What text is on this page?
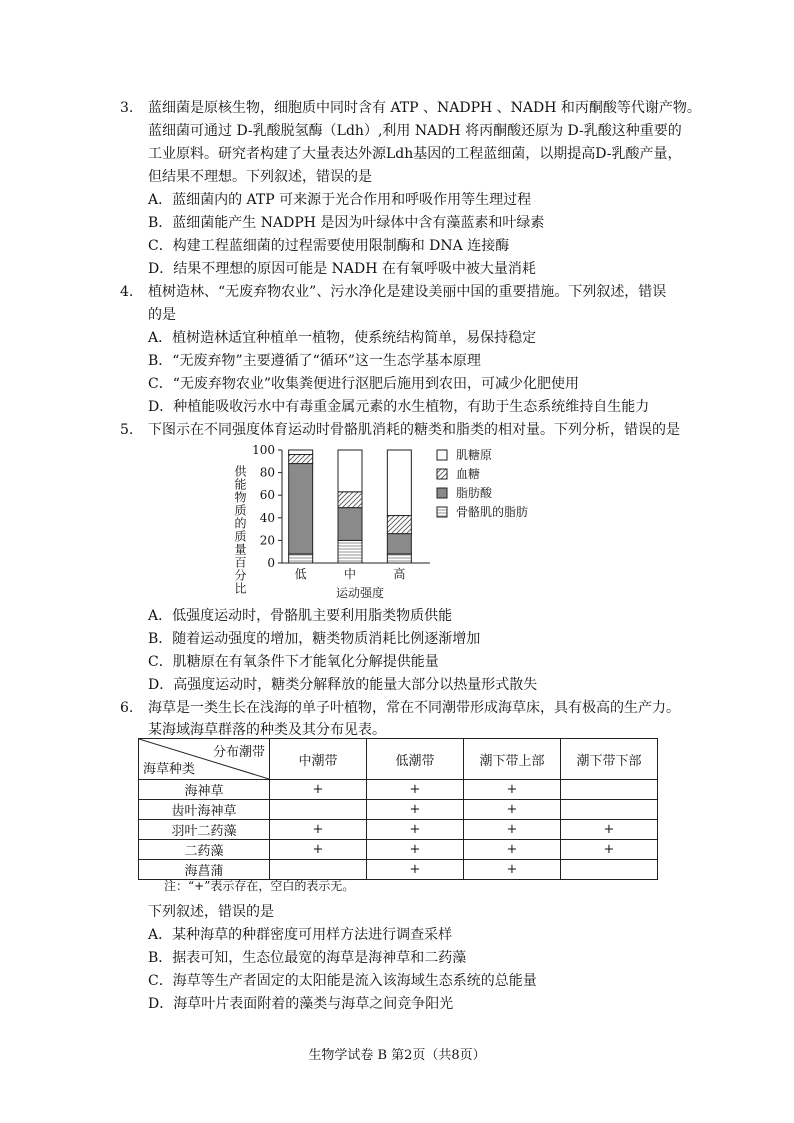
3. 蓝细菌是原核生物，细胞质中同时含有 ATP 、NADPH 、NADH 和丙酮酸等代谢产物。
蓝细菌可通过 D-乳酸脱氢酶（Ldh）,利用 NADH 将丙酮酸还原为 D-乳酸这种重要的
工业原料。研究者构建了大量表达外源Ldh基因的工程蓝细菌，以期提高D-乳酸产量，
但结果不理想。下列叙述，错误的是
A．蓝细菌内的 ATP 可来源于光合作用和呼吸作用等生理过程
B．蓝细菌能产生 NADPH 是因为叶绿体中含有藻蓝素和叶绿素
C．构建工程蓝细菌的过程需要使用限制酶和 DNA 连接酶
D．结果不理想的原因可能是 NADH 在有氧呼吸中被大量消耗
4. 植树造林、“无废弃物农业”、污水净化是建设美丽中国的重要措施。下列叙述，错误
的是
A．植树造林适宜种植单一植物，使系统结构简单，易保持稳定
B．“无废弃物”主要遵循了“循环”这一生态学基本原理
C．“无废弃物农业”收集粪便进行沤肥后施用到农田，可减少化肥使用
D．种植能吸收污水中有毒重金属元素的水生植物，有助于生态系统维持自生能力
5. 下图示在不同强度体育运动时骨骼肌消耗的糖类和脂类的相对量。下列分析，错误的是
供能物质的质量百分比 0
20
40
60
80
100
低	中	高
运动强度
肌糖原
血糖
脂肪酸
骨骼肌的脂肪
A．低强度运动时，骨骼肌主要利用脂类物质供能
B．随着运动强度的增加，糖类物质消耗比例逐渐增加
C．肌糖原在有氧条件下才能氧化分解提供能量
D．高强度运动时，糖类分解释放的能量大部分以热量形式散失
6. 海草是一类生长在浅海的单子叶植物，常在不同潮带形成海草床，具有极高的生产力。
某海域海草群落的种类及其分布见表。
分布潮带
海草种类	中潮带	低潮带	潮下带上部	潮下带下部
海神草	+	+	+	
齿叶海神草		+	+	
羽叶二药藻	+	+	+	+
二药藻	+	+	+	+
海菖蒲		+	+	
注：“+”表示存在，空白的表示无。
下列叙述，错误的是
A．某种海草的种群密度可用样方法进行调查采样
B．据表可知，生态位最宽的海草是海神草和二药藻
C．海草等生产者固定的太阳能是流入该海域生态系统的总能量
D．海草叶片表面附着的藻类与海草之间竞争阳光
生物学试卷 B 第2页（共8页）
